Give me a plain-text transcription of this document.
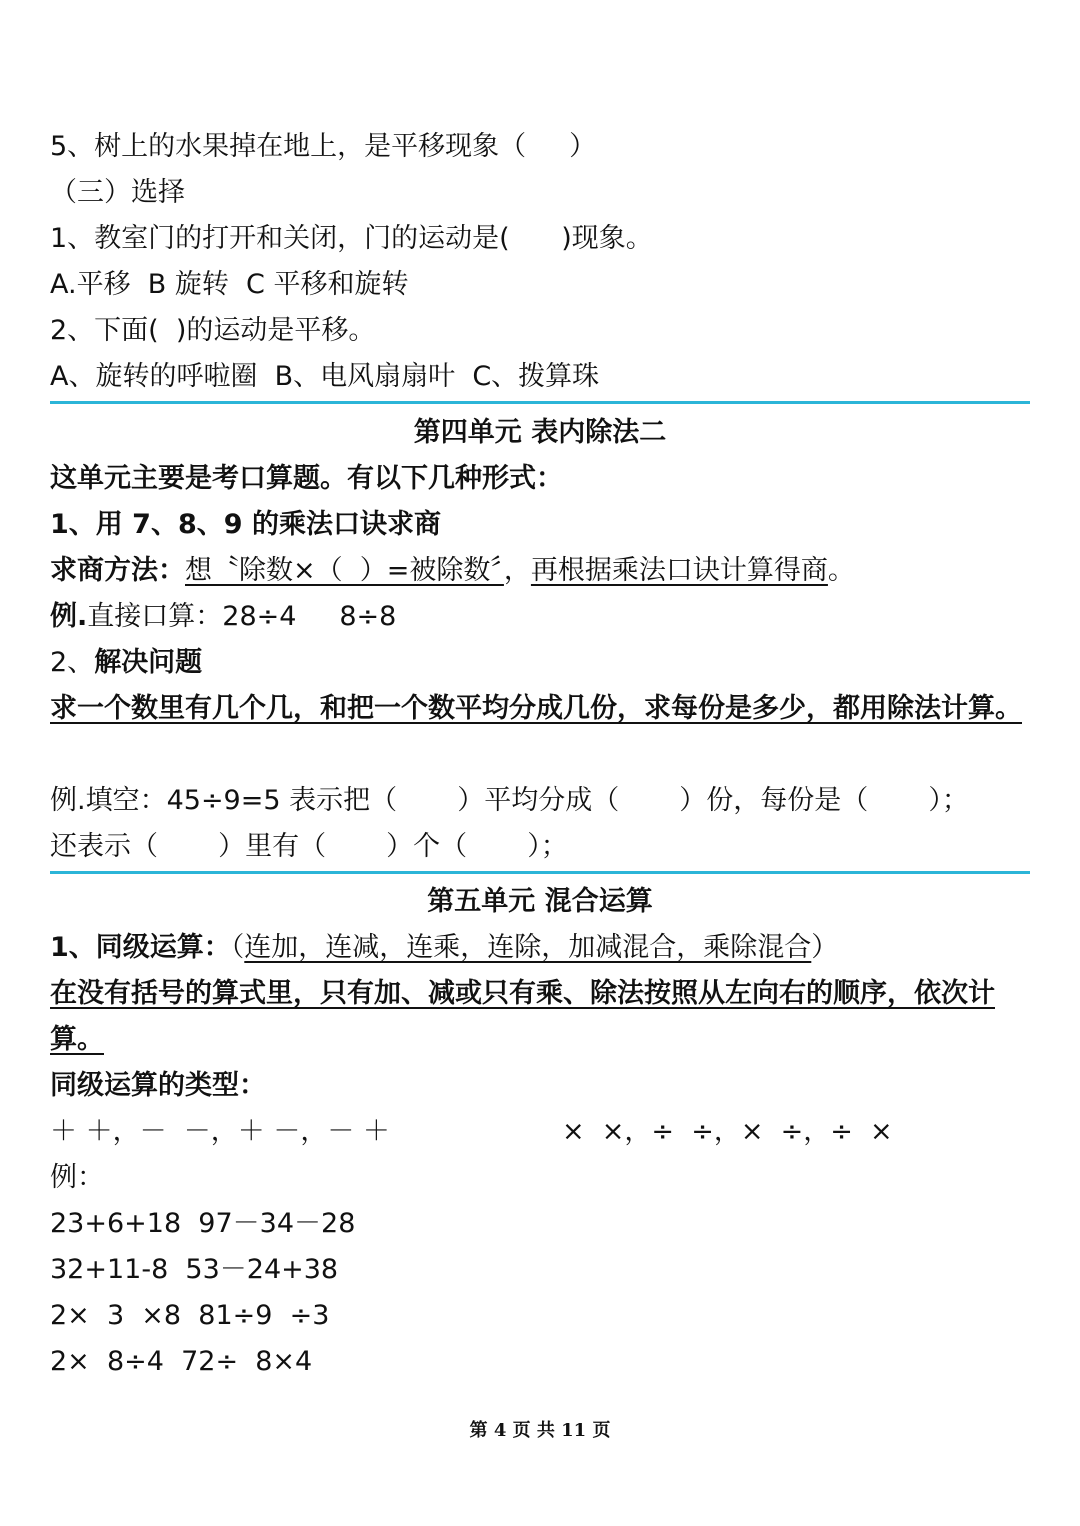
5、树上的水果掉在地上，是平移现象（     ）
（三）选择
1、教室门的打开和关闭，门的运动是(      )现象。
A.平移  B 旋转  C 平移和旋转
2、下面(  )的运动是平移。
A、旋转的呼啦圈  B、电风扇扇叶  C、拨算珠
第四单元 表内除法二
这单元主要是考口算题。有以下几种形式：
1、用 7、8、9 的乘法口诀求商
求商方法：想〝除数×（  ）=被除数〞，再根据乘法口诀计算得商。
例.直接口算：28÷4     8÷8
2、解决问题
求一个数里有几个几，和把一个数平均分成几份，求每份是多少，都用除法计算。
例.填空：45÷9=5 表示把（       ）平均分成（       ）份，每份是（       ）；
还表示（       ）里有（       ）个（       ）；
第五单元 混合运算
1、同级运算：（连加，连减，连乘，连除，加减混合，乘除混合）
在没有括号的算式里，只有加、减或只有乘、除法按照从左向右的顺序，依次计算。
同级运算的类型：
＋ ＋，－  －，＋ －，－ ＋	×  ×，÷  ÷，×  ÷，÷  ×
例：
23+6+18  97－34－28
32+11-8  53－24+38
2×  3  ×8  81÷9  ÷3
2×  8÷4  72÷  8×4
第 4 页 共 11 页
